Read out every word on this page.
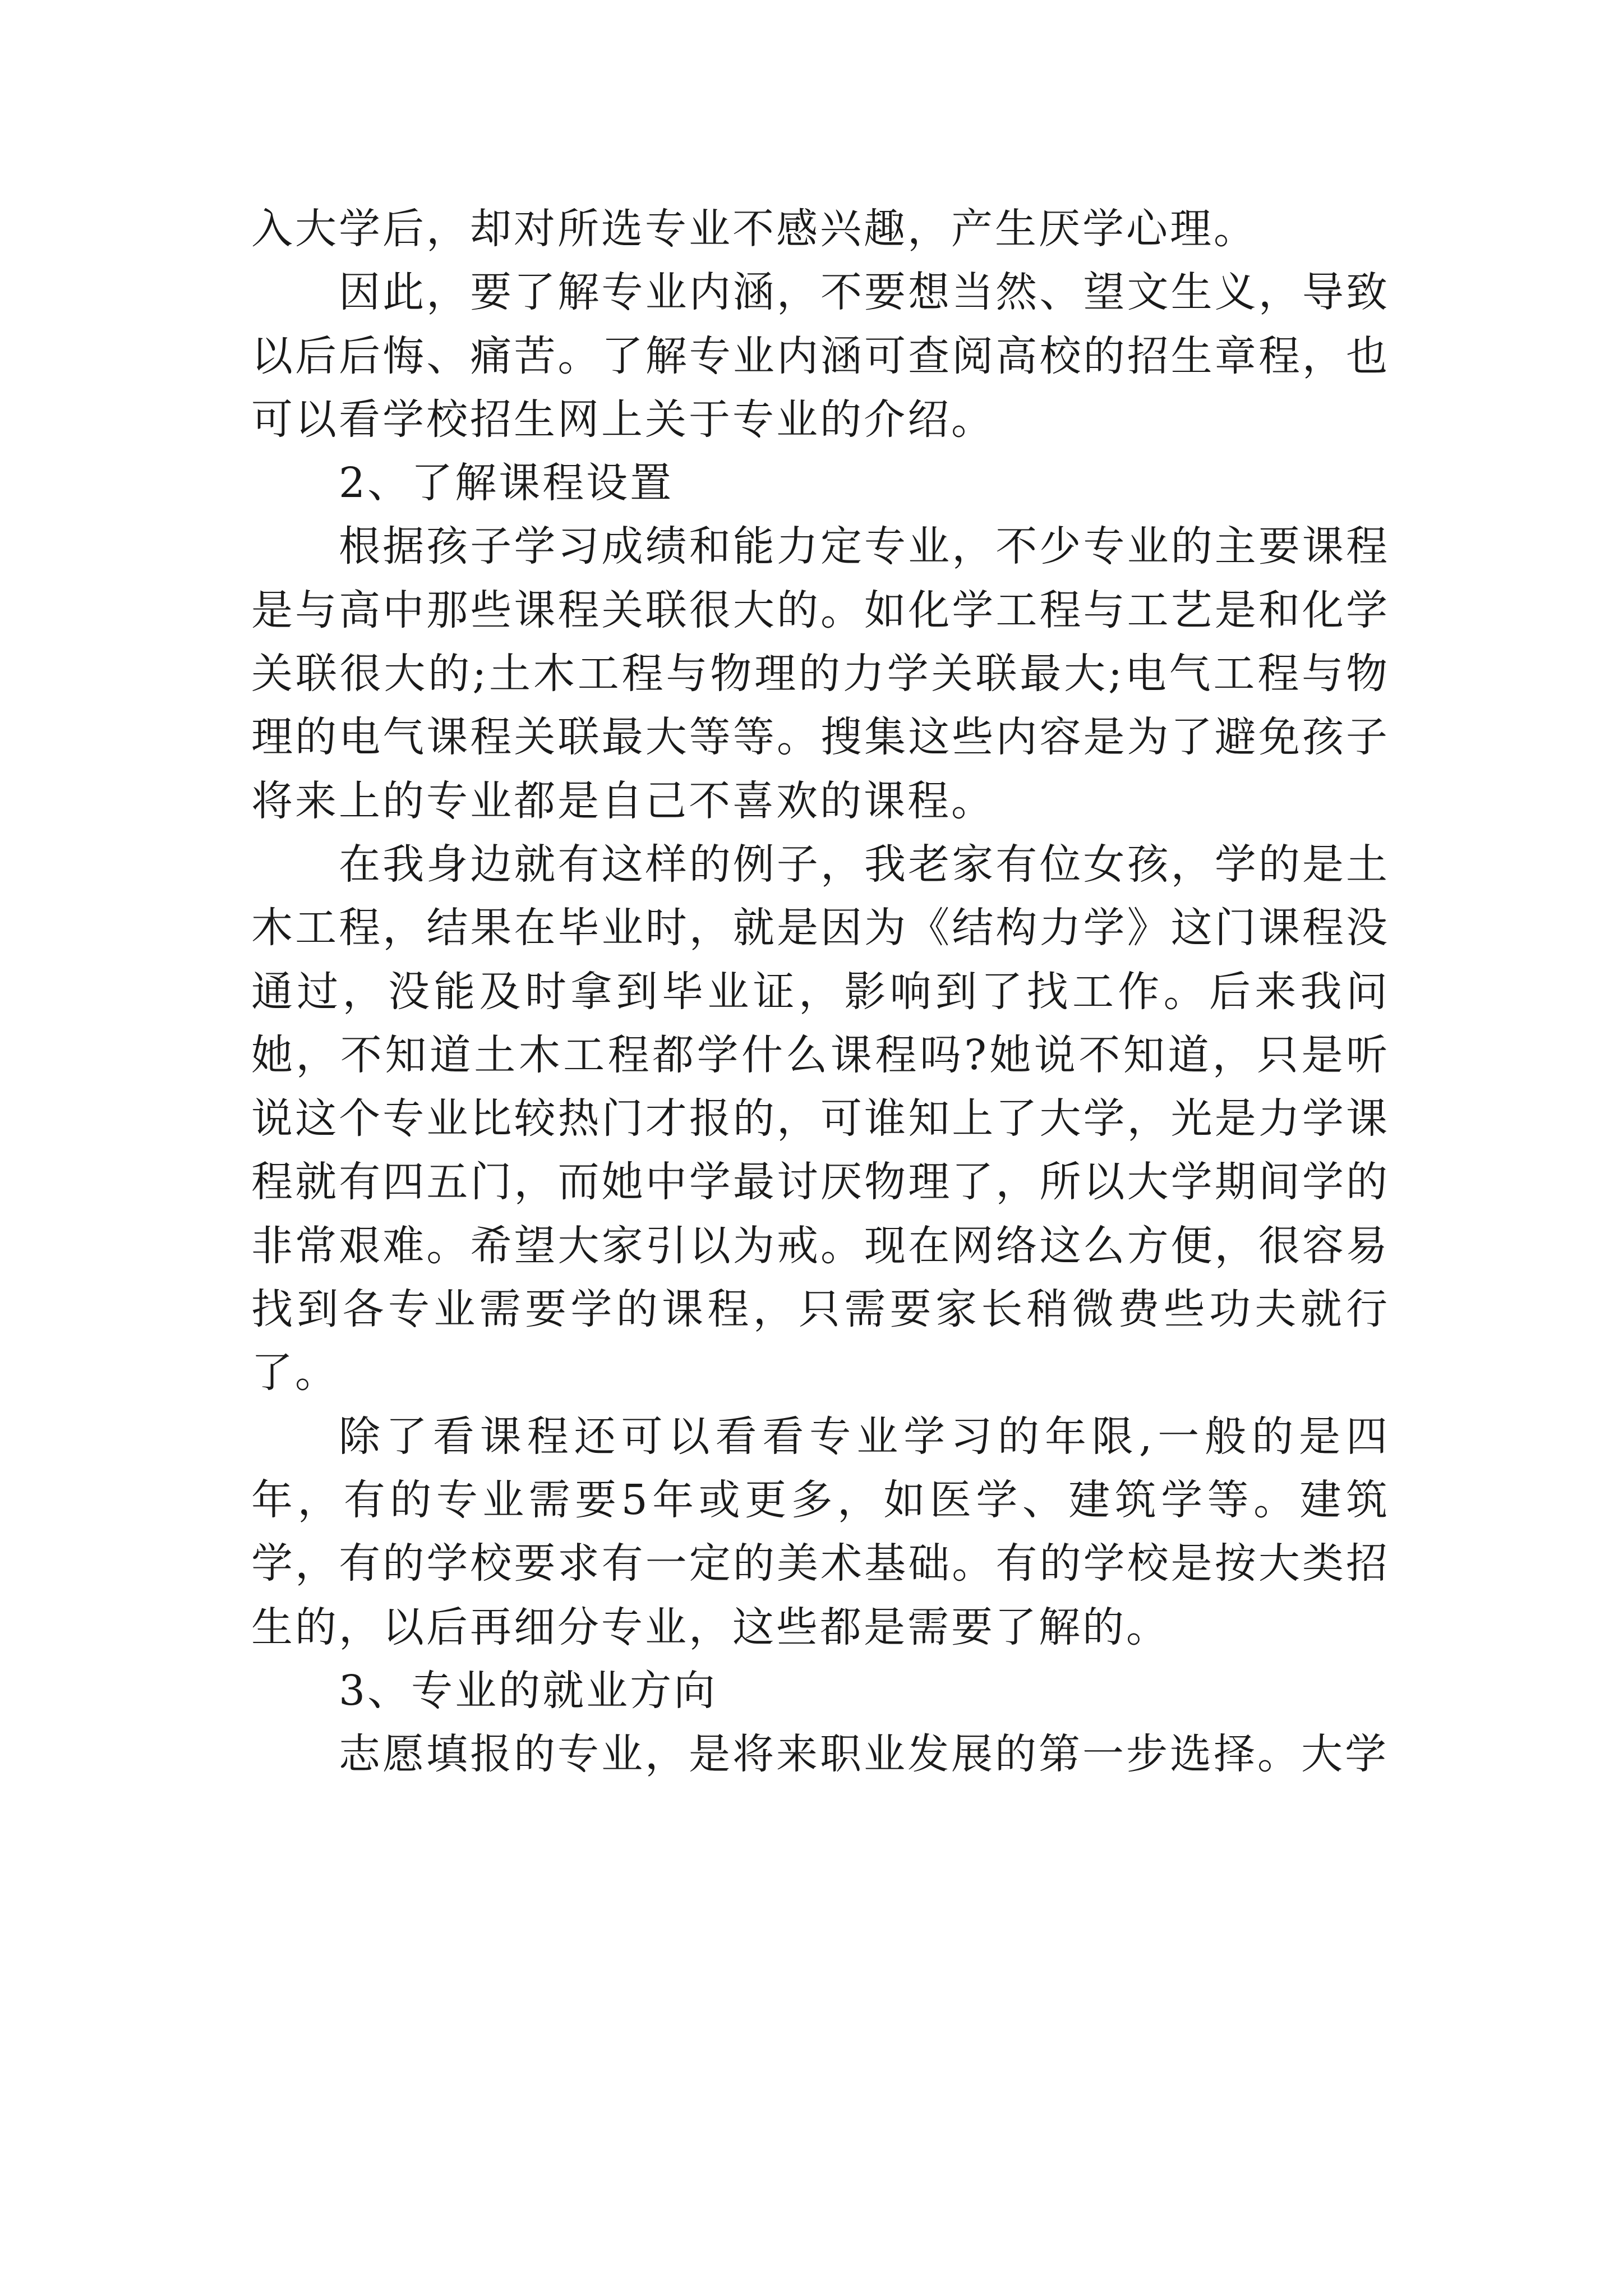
入大学后，却对所选专业不感兴趣，产生厌学心理。

因此，要了解专业内涵，不要想当然、望文生义，导致以后后悔、痛苦。了解专业内涵可查阅高校的招生章程，也可以看学校招生网上关于专业的介绍。

2、了解课程设置

根据孩子学习成绩和能力定专业，不少专业的主要课程是与高中那些课程关联很大的。如化学工程与工艺是和化学关联很大的;土木工程与物理的力学关联最大;电气工程与物理的电气课程关联最大等等。搜集这些内容是为了避免孩子将来上的专业都是自己不喜欢的课程。

在我身边就有这样的例子，我老家有位女孩，学的是土木工程，结果在毕业时，就是因为《结构力学》这门课程没通过，没能及时拿到毕业证，影响到了找工作。后来我问她，不知道土木工程都学什么课程吗?她说不知道，只是听说这个专业比较热门才报的，可谁知上了大学，光是力学课程就有四五门，而她中学最讨厌物理了，所以大学期间学的非常艰难。希望大家引以为戒。现在网络这么方便，很容易找到各专业需要学的课程，只需要家长稍微费些功夫就行了。

除了看课程还可以看看专业学习的年限,一般的是四年，有的专业需要5年或更多，如医学、建筑学等。建筑学，有的学校要求有一定的美术基础。有的学校是按大类招生的，以后再细分专业，这些都是需要了解的。

3、专业的就业方向

志愿填报的专业，是将来职业发展的第一步选择。大学
